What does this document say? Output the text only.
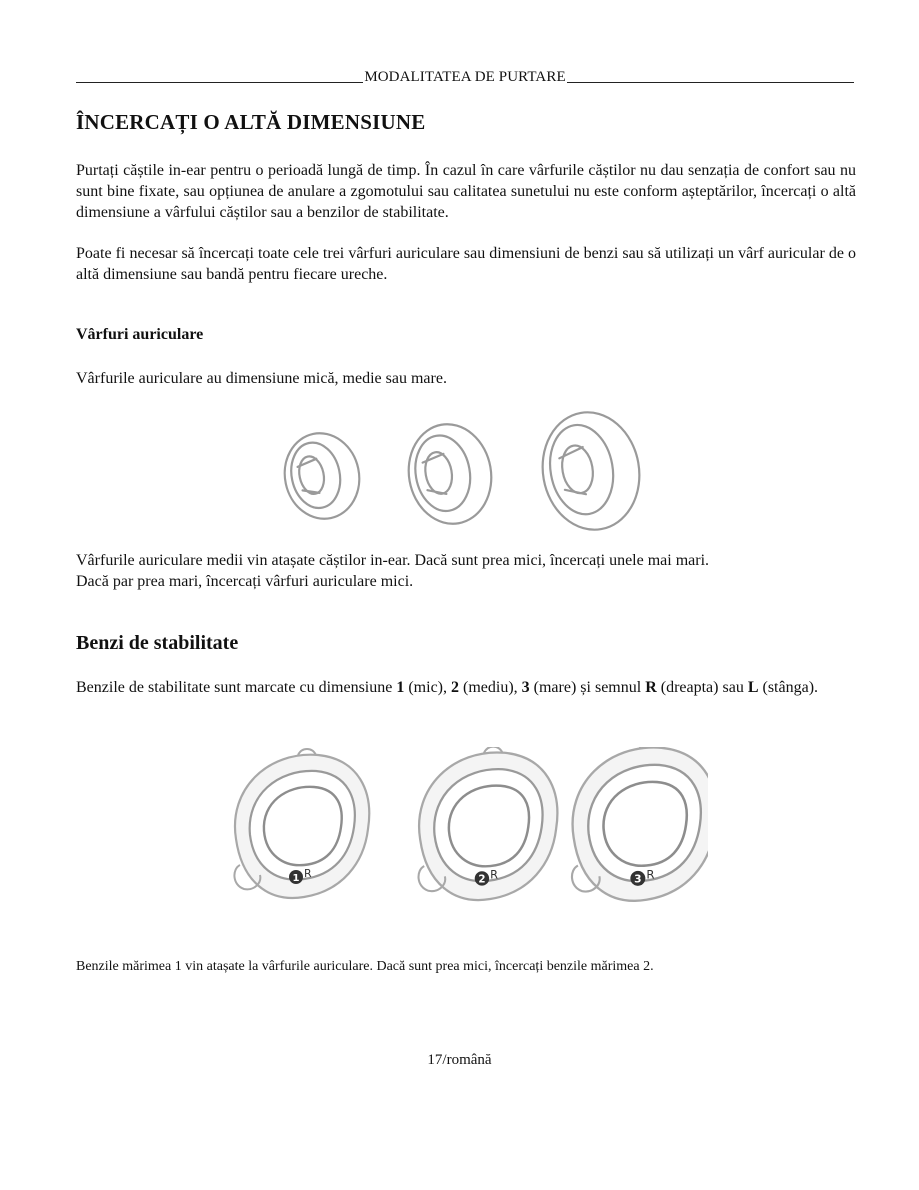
MODALITATEA DE PURTARE
ÎNCERCAȚI O ALTĂ DIMENSIUNE

Purtați căștile in-ear pentru o perioadă lungă de timp. În cazul în care vârfurile căștilor nu dau senzația de confort sau nu sunt bine fixate, sau opțiunea de anulare a zgomotului sau calitatea sunetului nu este conform așteptărilor, încercați o altă dimensiune a vârfului căștilor sau a benzilor de stabilitate.

Poate fi necesar să încercați toate cele trei vârfuri auriculare sau dimensiuni de benzi sau să utilizați un vârf auricular de o altă dimensiune sau bandă pentru fiecare ureche.

Vârfuri auriculare

Vârfurile auriculare au dimensiune mică, medie sau mare.

Vârfurile auriculare medii vin atașate căștilor in-ear. Dacă sunt prea mici, încercați unele mai mari.
Dacă par prea mari, încercați vârfuri auriculare mici.

Benzi de stabilitate

Benzile de stabilitate sunt marcate cu dimensiune 1 (mic), 2 (mediu), 3 (mare) și semnul R (dreapta) sau L (stânga).

1 R	2 R	3 R

Benzile mărimea 1 vin atașate la vârfurile auriculare. Dacă sunt prea mici, încercați benzile mărimea 2.

17/română
